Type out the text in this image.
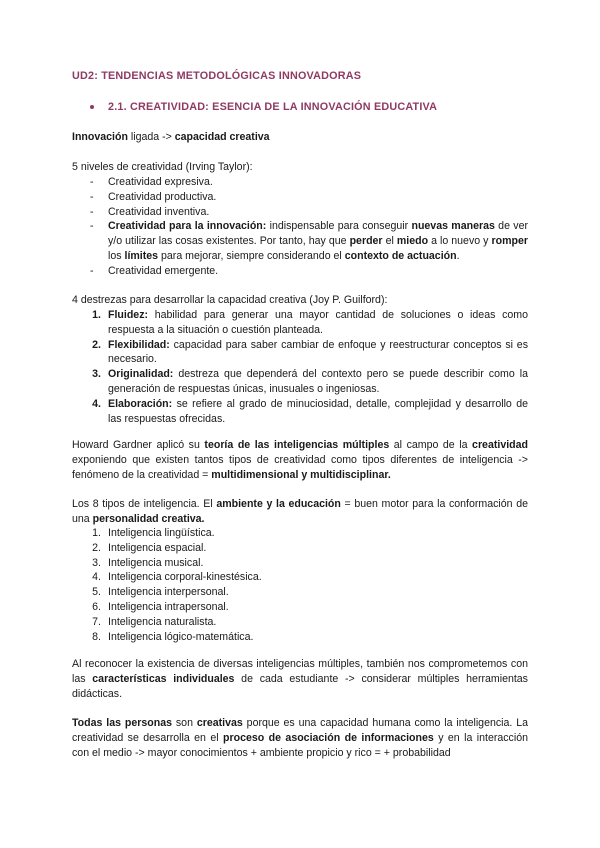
UD2: TENDENCIAS METODOLÓGICAS INNOVADORAS
2.1. CREATIVIDAD: ESENCIA DE LA INNOVACIÓN EDUCATIVA
Innovación ligada -> capacidad creativa
5 niveles de creatividad (Irving Taylor):
-	Creatividad expresiva.
-	Creatividad productiva.
-	Creatividad inventiva.
-	Creatividad para la innovación: indispensable para conseguir nuevas maneras de ver y/o utilizar las cosas existentes. Por tanto, hay que perder el miedo a lo nuevo y romper los límites para mejorar, siempre considerando el contexto de actuación.
-	Creatividad emergente.
4 destrezas para desarrollar la capacidad creativa (Joy P. Guilford):
1. Fluidez: habilidad para generar una mayor cantidad de soluciones o ideas como respuesta a la situación o cuestión planteada.
2. Flexibilidad: capacidad para saber cambiar de enfoque y reestructurar conceptos si es necesario.
3. Originalidad: destreza que dependerá del contexto pero se puede describir como la generación de respuestas únicas, inusuales o ingeniosas.
4. Elaboración: se refiere al grado de minuciosidad, detalle, complejidad y desarrollo de las respuestas ofrecidas.
Howard Gardner aplicó su teoría de las inteligencias múltiples al campo de la creatividad exponiendo que existen tantos tipos de creatividad como tipos diferentes de inteligencia -> fenómeno de la creatividad = multidimensional y multidisciplinar.
Los 8 tipos de inteligencia. El ambiente y la educación = buen motor para la conformación de una personalidad creativa.
1. Inteligencia lingüística.
2. Inteligencia espacial.
3. Inteligencia musical.
4. Inteligencia corporal-kinestésica.
5. Inteligencia interpersonal.
6. Inteligencia intrapersonal.
7. Inteligencia naturalista.
8. Inteligencia lógico-matemática.
Al reconocer la existencia de diversas inteligencias múltiples, también nos comprometemos con las características individuales de cada estudiante -> considerar múltiples herramientas didácticas.
Todas las personas son creativas porque es una capacidad humana como la inteligencia. La creatividad se desarrolla en el proceso de asociación de informaciones y en la interacción con el medio -> mayor conocimientos + ambiente propicio y rico = + probabilidad
